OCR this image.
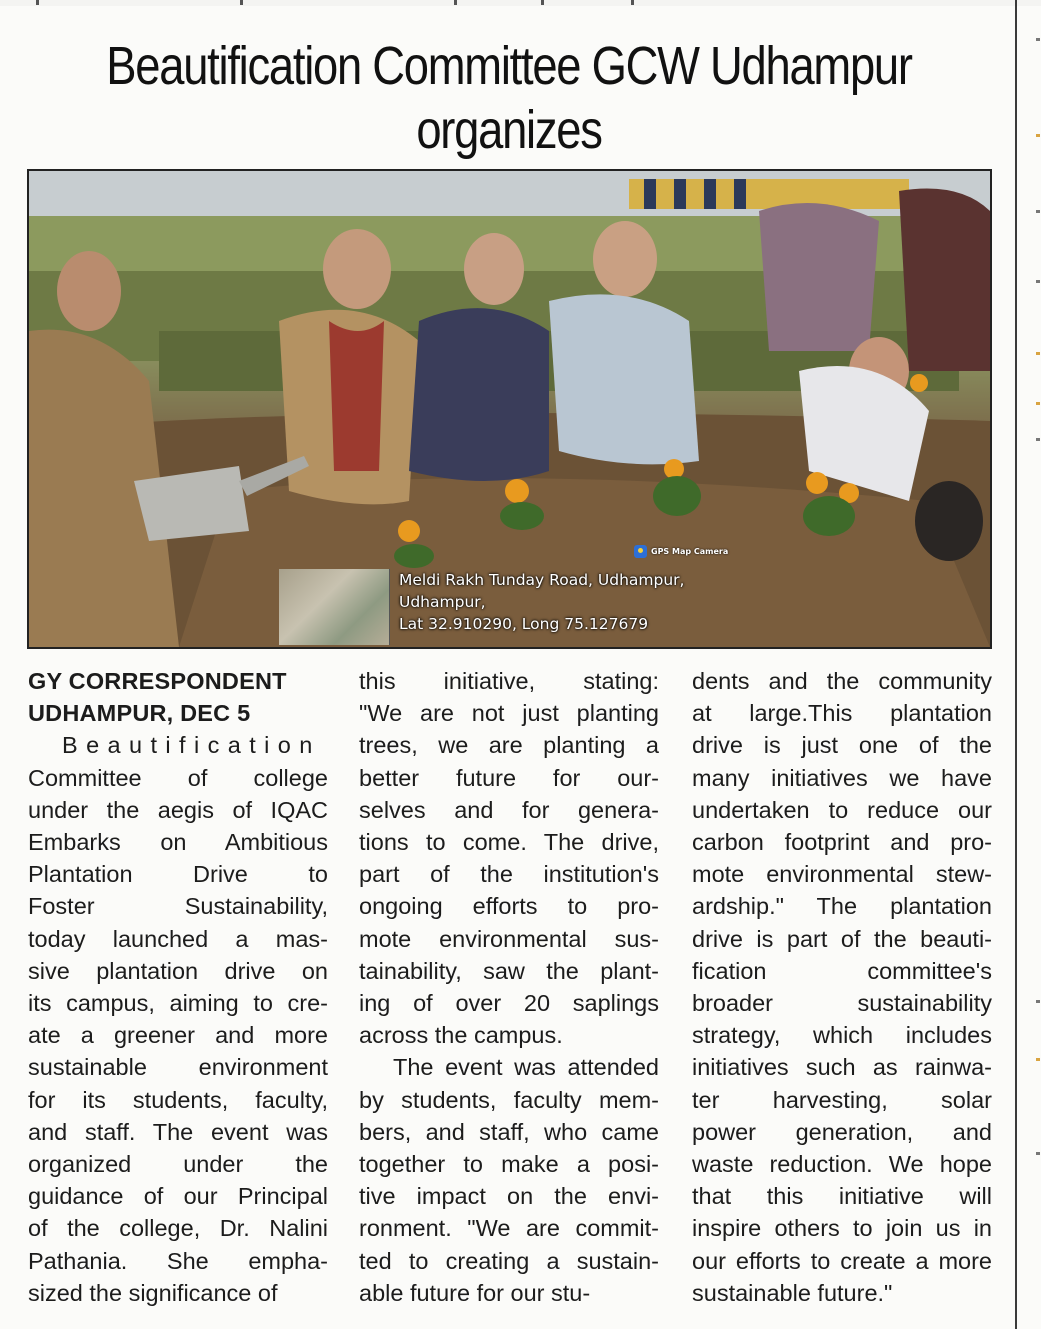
Beautification Committee GCW Udhampur organizes
GPS Map Camera
Meldi Rakh Tunday Road, Udhampur,
Udhampur,
Lat 32.910290, Long 75.127679
GY CORRESPONDENT
UDHAMPUR, DEC 5
Beautification
Committee of college
under the aegis of IQAC
Embarks on Ambitious
Plantation Drive to
Foster Sustainability,
today launched a mas-
sive plantation drive on
its campus, aiming to cre-
ate a greener and more
sustainable environment
for its students, faculty,
and staff. The event was
organized under the
guidance of our Principal
of the college, Dr. Nalini
Pathania. She empha-
sized the significance of
this initiative, stating:
"We are not just planting
trees, we are planting a
better future for our-
selves and for genera-
tions to come. The drive,
part of the institution's
ongoing efforts to pro-
mote environmental sus-
tainability, saw the plant-
ing of over 20 saplings
across the campus.
The event was attended
by students, faculty mem-
bers, and staff, who came
together to make a posi-
tive impact on the envi-
ronment. "We are commit-
ted to creating a sustain-
able future for our stu-
dents and the community
at large.This plantation
drive is just one of the
many initiatives we have
undertaken to reduce our
carbon footprint and pro-
mote environmental stew-
ardship." The plantation
drive is part of the beauti-
fication committee's
broader sustainability
strategy, which includes
initiatives such as rainwa-
ter harvesting, solar
power generation, and
waste reduction. We hope
that this initiative will
inspire others to join us in
our efforts to create a more
sustainable future."
